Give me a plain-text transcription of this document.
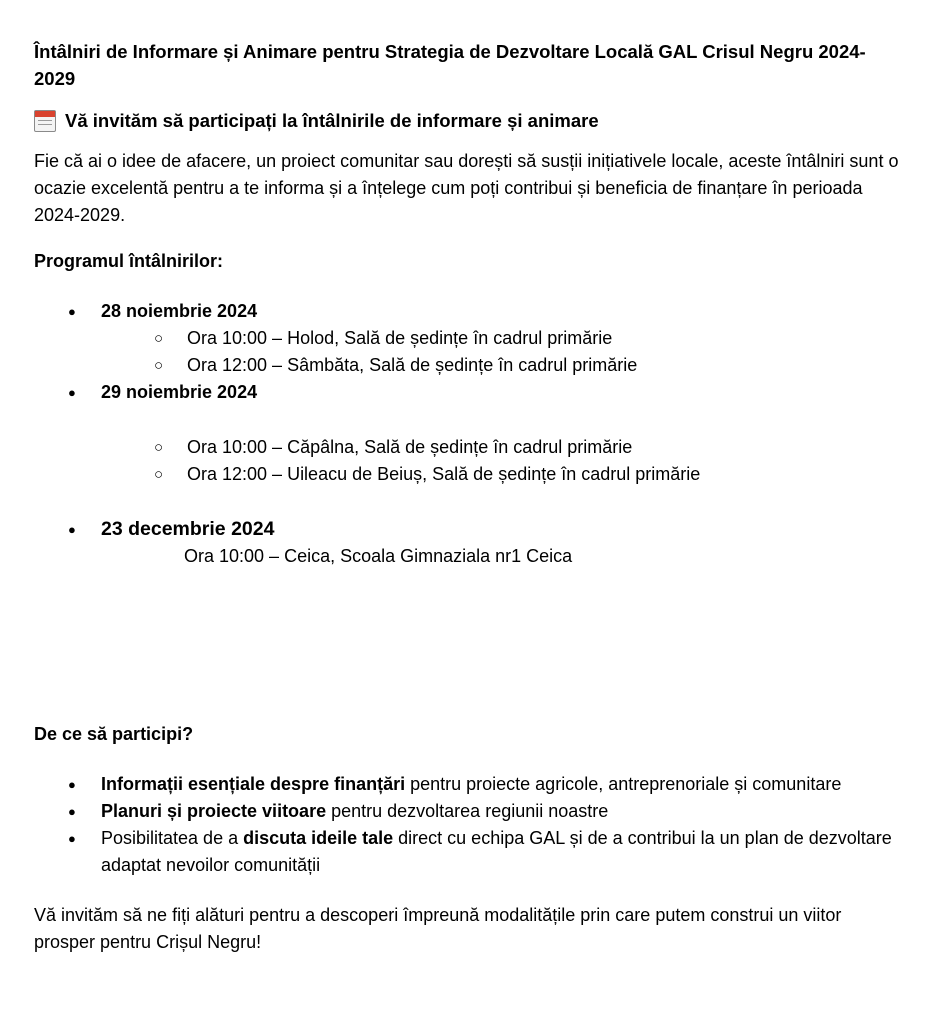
Întâlniri de Informare și Animare pentru Strategia de Dezvoltare Locală GAL Crisul Negru 2024-2029
Vă invităm să participați la întâlnirile de informare și animare
Fie că ai o idee de afacere, un proiect comunitar sau dorești să susții inițiativele locale, aceste întâlniri sunt o ocazie excelentă pentru a te informa și a înțelege cum poți contribui și beneficia de finanțare în perioada 2024-2029.
Programul întâlnirilor:
● 28 noiembrie 2024
○ Ora 10:00 – Holod, Sală de ședințe în cadrul primărie
○ Ora 12:00 – Sâmbăta, Sală de ședințe în cadrul primărie
● 29 noiembrie 2024
○ Ora 10:00 – Căpâlna, Sală de ședințe în cadrul primărie
○ Ora 12:00 – Uileacu de Beiuș, Sală de ședințe în cadrul primărie
● 23 decembrie 2024
Ora 10:00 – Ceica, Scoala Gimnaziala nr1 Ceica
De ce să participi?
● Informații esențiale despre finanțări pentru proiecte agricole, antreprenoriale și comunitare
● Planuri și proiecte viitoare pentru dezvoltarea regiunii noastre
● Posibilitatea de a discuta ideile tale direct cu echipa GAL și de a contribui la un plan de dezvoltare adaptat nevoilor comunității
Vă invităm să ne fiți alături pentru a descoperi împreună modalitățile prin care putem construi un viitor prosper pentru Crișul Negru!
